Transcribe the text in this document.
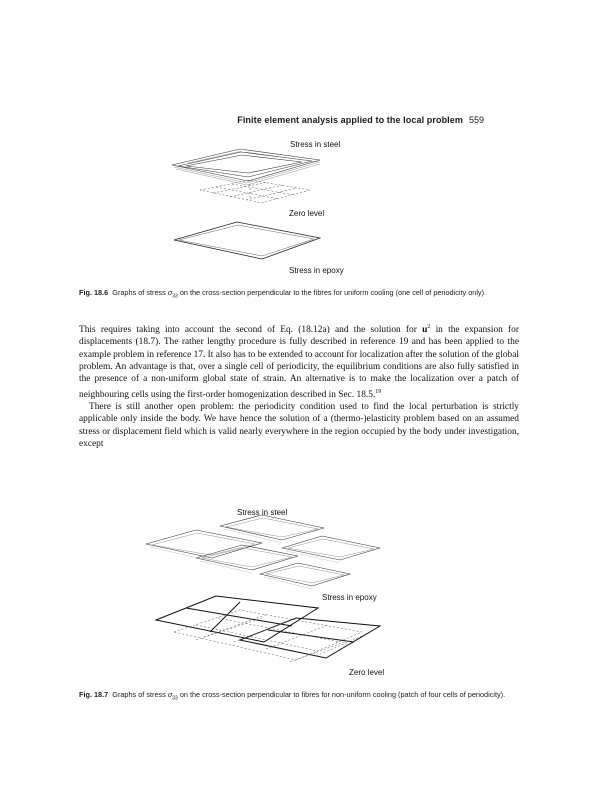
Finite element analysis applied to the local problem 559
Stress in steel
Zero level
Stress in epoxy
Fig. 18.6 Graphs of stress $\sigma_{33}$ on the cross-section perpendicular to the fibres for uniform cooling (one cell of periodicity only).

This requires taking into account the second of Eq. (18.12a) and the solution for $u^2$ in the expansion for displacements (18.7). The rather lengthy procedure is fully described in reference 19 and has been applied to the example problem in reference 17. It also has to be extended to account for localization after the solution of the global problem. An advantage is that, over a single cell of periodicity, the equilibrium conditions are also fully satisfied in the presence of a non-uniform global state of strain. An alternative is to make the localization over a patch of neighbouring cells using the first-order homogenization described in Sec. 18.5.19

There is still another open problem: the periodicity condition used to find the local perturbation is strictly applicable only inside the body. We have hence the solution of a (thermo-)elasticity problem based on an assumed stress or displacement field which is valid nearly everywhere in the region occupied by the body under investigation, except

Stress in steel
Stress in epoxy
Zero level
Fig. 18.7 Graphs of stress $\sigma_{33}$ on the cross-section perpendicular to fibres for non-uniform cooling (patch of four cells of periodicity).
